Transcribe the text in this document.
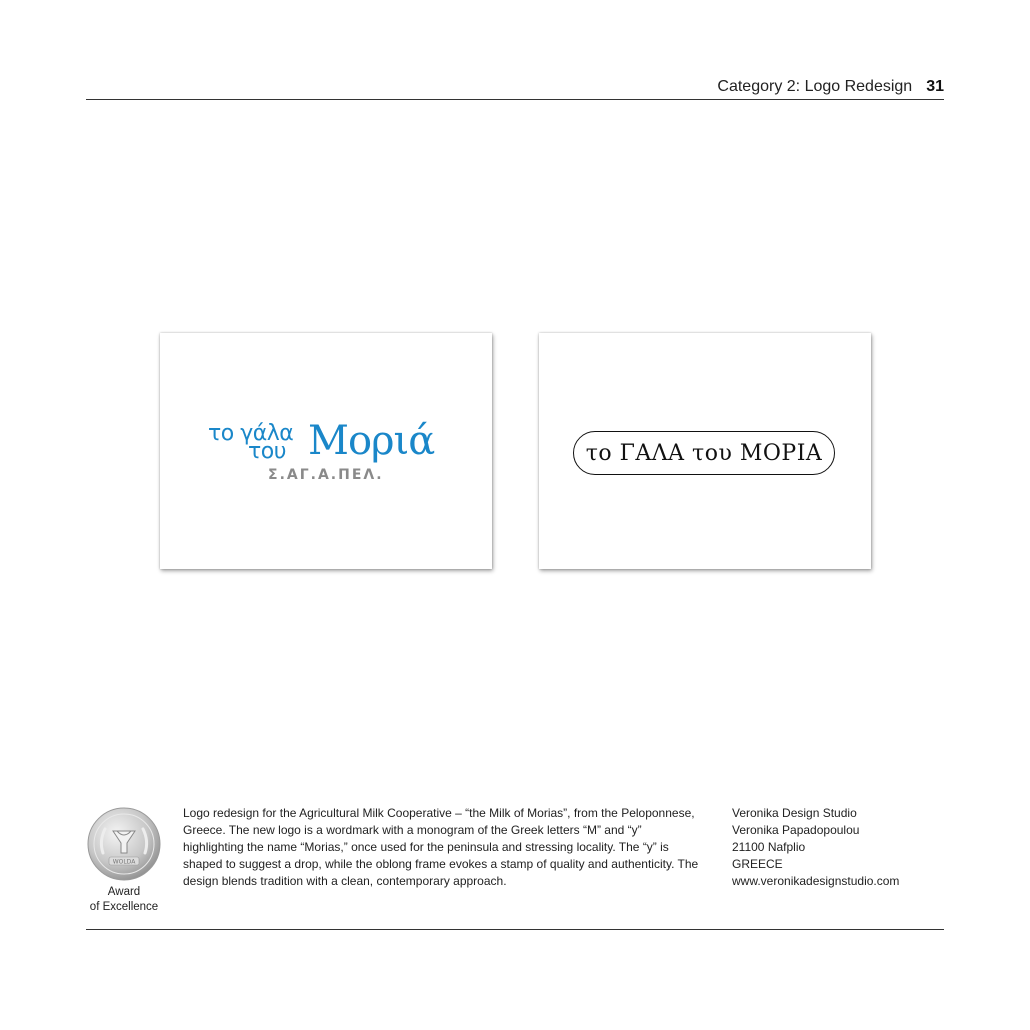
Category 2: Logo Redesign 31
το γάλα
του Μοριά
Σ.ΑΓ.Α.ΠΕΛ.
το ΓΑΛΑ του ΜΟΡΙΑ
WOLDA
Award
of Excellence
Logo redesign for the Agricultural Milk Cooperative – “the Milk of Morias”, from the Peloponnese, Greece. The new logo is a wordmark with a monogram of the Greek letters “M” and “y” highlighting the name “Morias,” once used for the peninsula and stressing locality. The “y” is shaped to suggest a drop, while the oblong frame evokes a stamp of quality and authenticity. The design blends tradition with a clean, contemporary approach.
Veronika Design Studio
Veronika Papadopoulou
21100 Nafplio
GREECE
www.veronikadesignstudio.com
